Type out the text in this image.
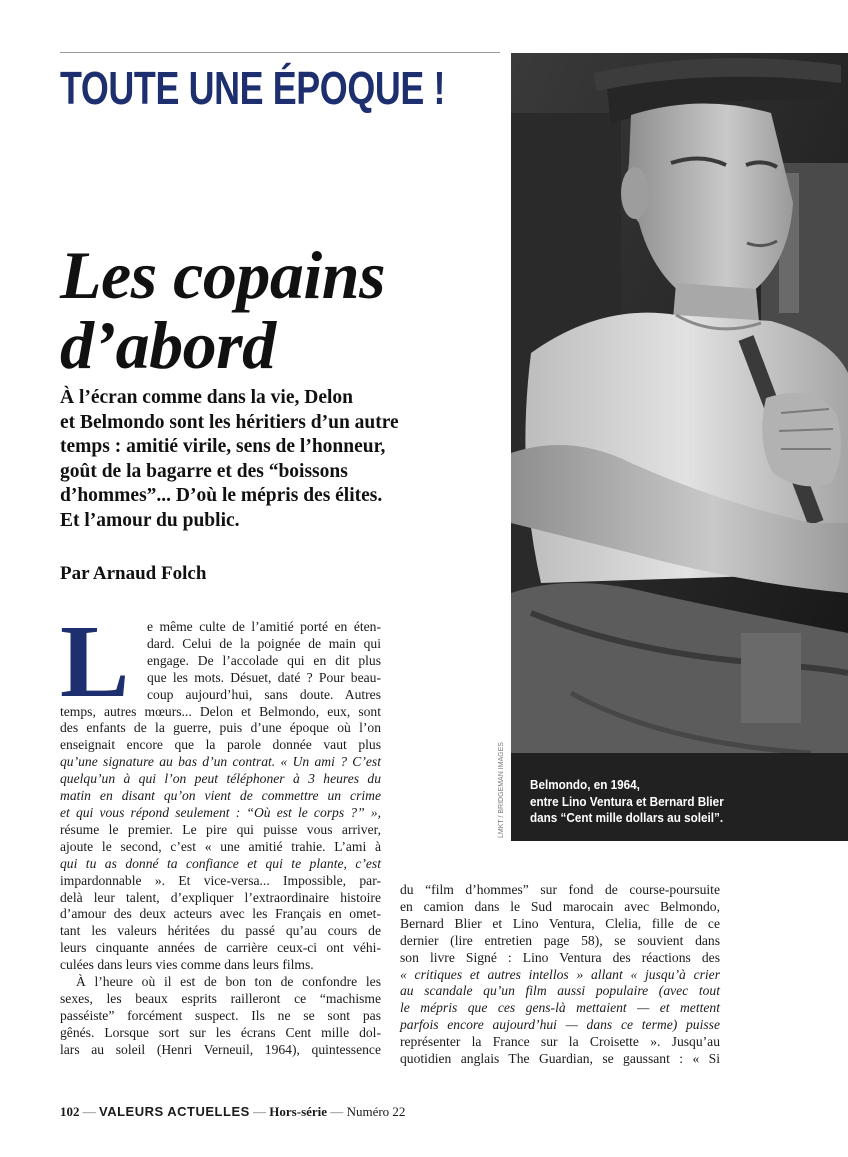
TOUTE UNE ÉPOQUE !
Les copains
d’abord

À l’écran comme dans la vie, Delon
et Belmondo sont les héritiers d’un autre
temps : amitié virile, sens de l’honneur,
goût de la bagarre et des “boissons
d’hommes”... D’où le mépris des élites.
Et l’amour du public.

Par Arnaud Folch

LMKT / BRIDGEMAN IMAGES Belmondo, en 1964,
entre Lino Ventura et Bernard Blier
dans “Cent mille dollars au soleil”.

L	e même culte de l’amitié porté en éten-
dard. Celui de la poignée de main qui
engage. De l’accolade qui en dit plus
que les mots. Désuet, daté ? Pour beau-
coup aujourd’hui, sans doute. Autres
temps, autres mœurs... Delon et Belmondo, eux, sont
des enfants de la guerre, puis d’une époque où l’on
enseignait encore que la parole donnée vaut plus
qu’une signature au bas d’un contrat. « Un ami ? C’est
quelqu’un à qui l’on peut téléphoner à 3 heures du
matin en disant qu’on vient de commettre un crime
et qui vous répond seulement : “Où est le corps ?” »,
résume le premier. Le pire qui puisse vous arriver,
ajoute le second, c’est « une amitié trahie. L’ami à
qui tu as donné ta confiance et qui te plante, c’est
impardonnable ». Et vice-versa... Impossible, par-
delà leur talent, d’expliquer l’extraordinaire histoire
d’amour des deux acteurs avec les Français en omet-
tant les valeurs héritées du passé qu’au cours de
leurs cinquante années de carrière ceux-ci ont véhi-
culées dans leurs vies comme dans leurs films.
À l’heure où il est de bon ton de confondre les
sexes, les beaux esprits railleront ce “machisme
passéiste” forcément suspect. Ils ne se sont pas
gênés. Lorsque sort sur les écrans Cent mille dol-
lars au soleil (Henri Verneuil, 1964), quintessence
du “film d’hommes” sur fond de course-poursuite
en camion dans le Sud marocain avec Belmondo,
Bernard Blier et Lino Ventura, Clelia, fille de ce
dernier (lire entretien page 58), se souvient dans
son livre Signé : Lino Ventura des réactions des
« critiques et autres intellos » allant « jusqu’à crier
au scandale qu’un film aussi populaire (avec tout
le mépris que ces gens-là mettaient — et mettent
parfois encore aujourd’hui — dans ce terme) puisse
représenter la France sur la Croisette ». Jusqu’au
quotidien anglais The Guardian, se gaussant : « Si

102 — VALEURS ACTUELLES — Hors-série — Numéro 22
